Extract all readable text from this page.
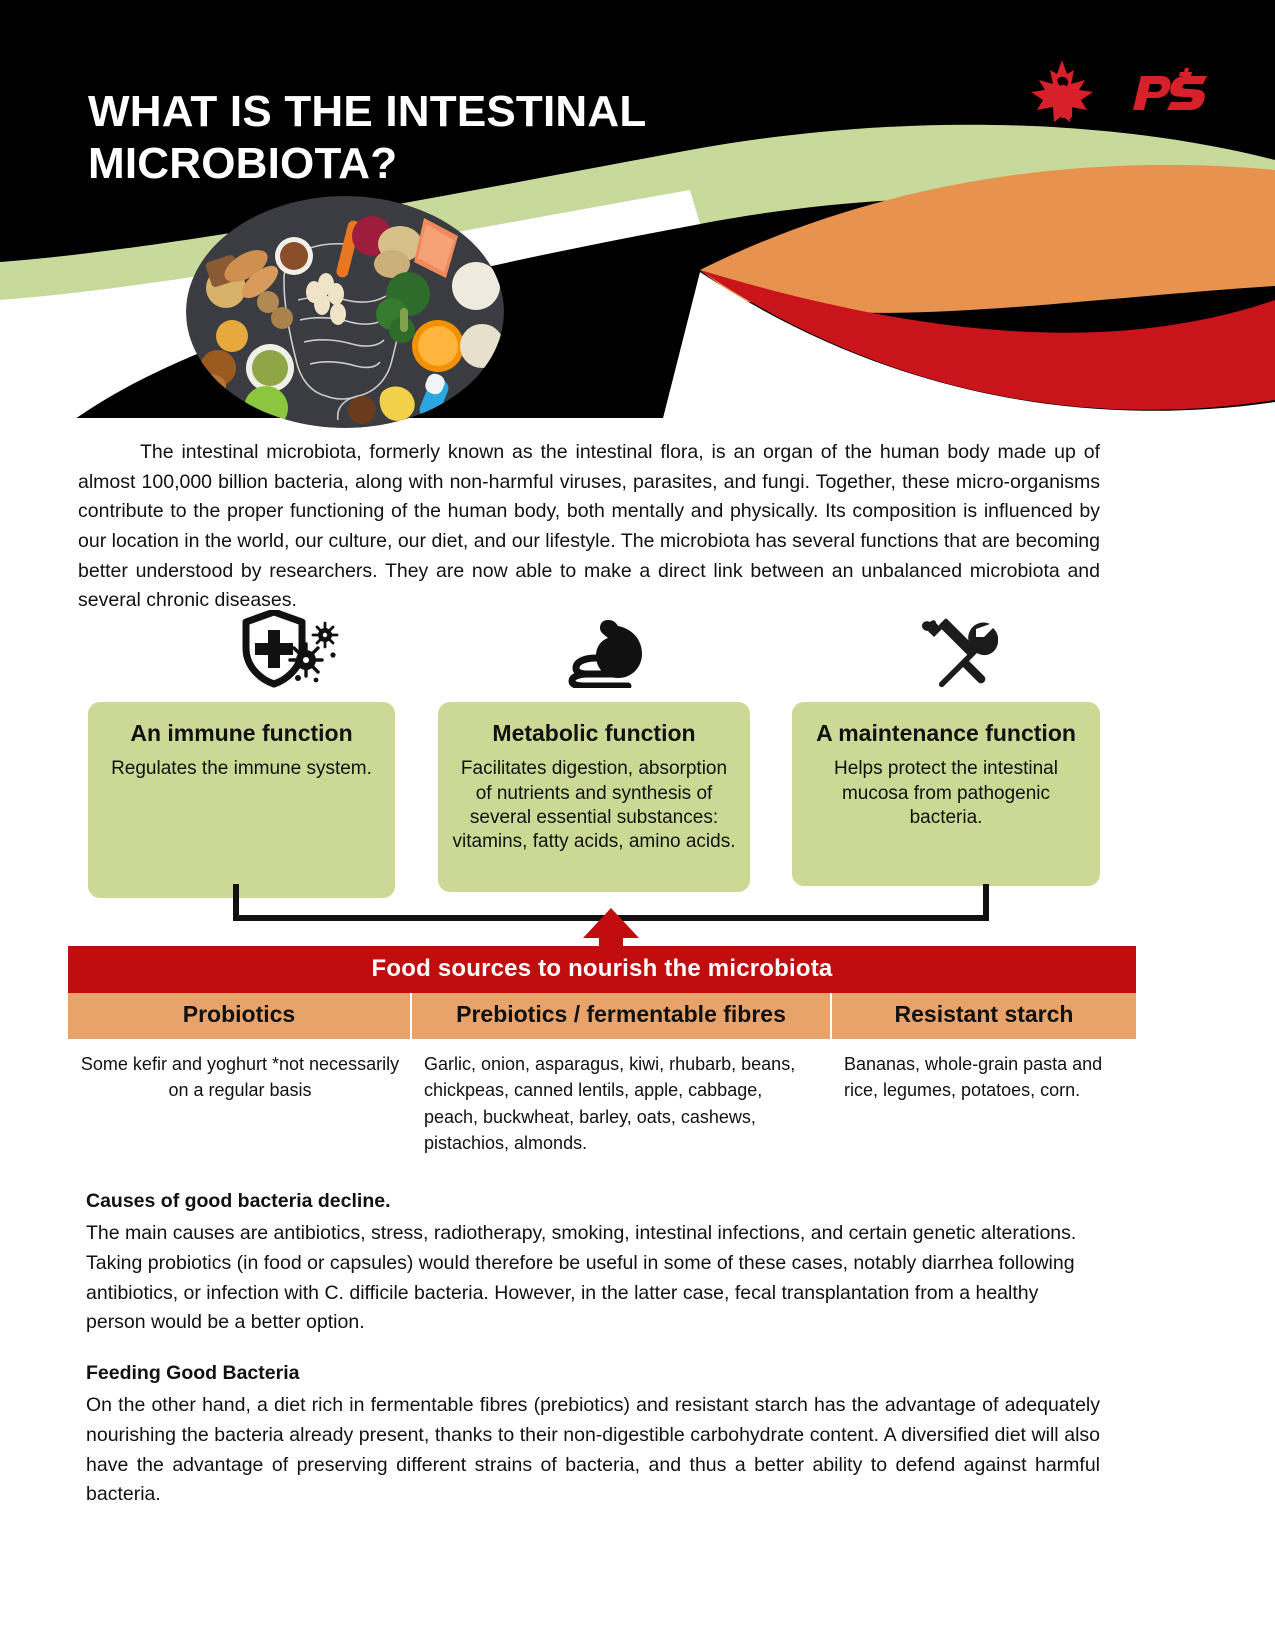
WHAT IS THE INTESTINAL MICROBIOTA?
The intestinal microbiota, formerly known as the intestinal flora, is an organ of the human body made up of almost 100,000 billion bacteria, along with non-harmful viruses, parasites, and fungi. Together, these micro-organisms contribute to the proper functioning of the human body, both mentally and physically. Its composition is influenced by our location in the world, our culture, our diet, and our lifestyle. The microbiota has several functions that are becoming better understood by researchers. They are now able to make a direct link between an unbalanced microbiota and several chronic diseases.
An immune function
Regulates the immune system.
Metabolic function
Facilitates digestion, absorption of nutrients and synthesis of several essential substances: vitamins, fatty acids, amino acids.
A maintenance function
Helps protect the intestinal mucosa from pathogenic bacteria.
Food sources to nourish the microbiota
Probiotics	Prebiotics / fermentable fibres	Resistant starch
Some kefir and yoghurt *not necessarily on a regular basis
Garlic, onion, asparagus, kiwi, rhubarb, beans, chickpeas, canned lentils, apple, cabbage, peach, buckwheat, barley, oats, cashews, pistachios, almonds.
Bananas, whole-grain pasta and rice, legumes, potatoes, corn.
Causes of good bacteria decline.

The main causes are antibiotics, stress, radiotherapy, smoking, intestinal infections, and certain genetic alterations. Taking probiotics (in food or capsules) would therefore be useful in some of these cases, notably diarrhea following antibiotics, or infection with C. difficile bacteria. However, in the latter case, fecal transplantation from a healthy person would be a better option.

Feeding Good Bacteria

On the other hand, a diet rich in fermentable fibres (prebiotics) and resistant starch has the advantage of adequately nourishing the bacteria already present, thanks to their non-digestible carbohydrate content. A diversified diet will also have the advantage of preserving different strains of bacteria, and thus a better ability to defend against harmful bacteria.
